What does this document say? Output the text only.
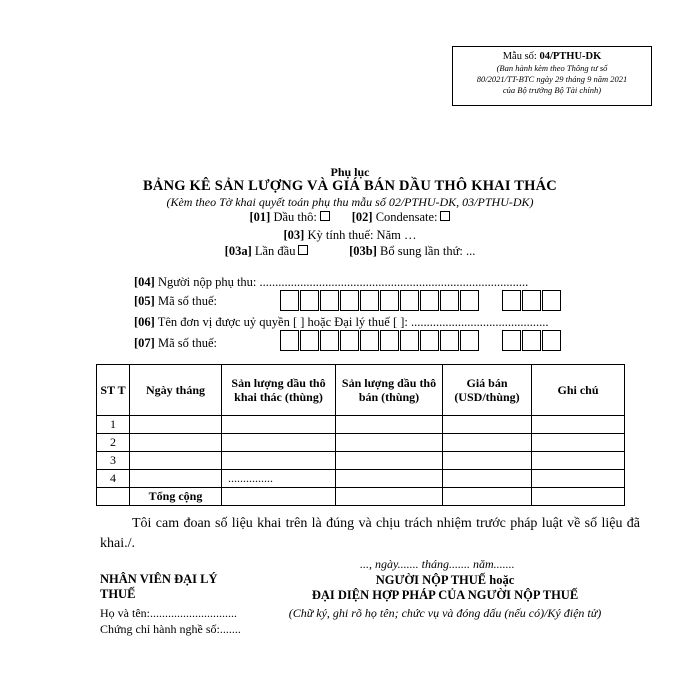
Mẫu số: 04/PTHU-DK
(Ban hành kèm theo Thông tư số
80/2021/TT-BTC ngày 29 tháng 9 năm 2021
của Bộ trưởng Bộ Tài chính)
Phụ lục
BẢNG KÊ SẢN LƯỢNG VÀ GIÁ BÁN DẦU THÔ KHAI THÁC
(Kèm theo Tờ khai quyết toán phụ thu mẫu số 02/PTHU-DK, 03/PTHU-DK)
[01] Dầu thô:	[02] Condensate:
[03] Kỳ tính thuế: Năm …
[03a] Lần đầu	[03b] Bổ sung lần thứ: ...
[04] Người nộp phụ thu: ......................................................................................
[05] Mã số thuế:
[06] Tên đơn vị được uỷ quyền [ ] hoặc Đại lý thuế [ ]: ............................................
[07] Mã số thuế:
ST T	Ngày tháng	Sản lượng dầu thô khai thác (thùng)	Sản lượng dầu thô bán (thùng)	Giá bán (USD/thùng)	Ghi chú
1					
2					
3					
4		...............			
	Tổng cộng				
Tôi cam đoan số liệu khai trên là đúng và chịu trách nhiệm trước pháp luật về số liệu đã khai./.
..., ngày....... tháng....... năm.......
NHÂN VIÊN ĐẠI LÝ THUẾ
Họ và tên:.............................
Chứng chỉ hành nghề số:.......
NGƯỜI NỘP THUẾ hoặc
ĐẠI DIỆN HỢP PHÁP CỦA NGƯỜI NỘP THUẾ
(Chữ ký, ghi rõ họ tên; chức vụ và đóng dấu (nếu có)/Ký điện tử)
